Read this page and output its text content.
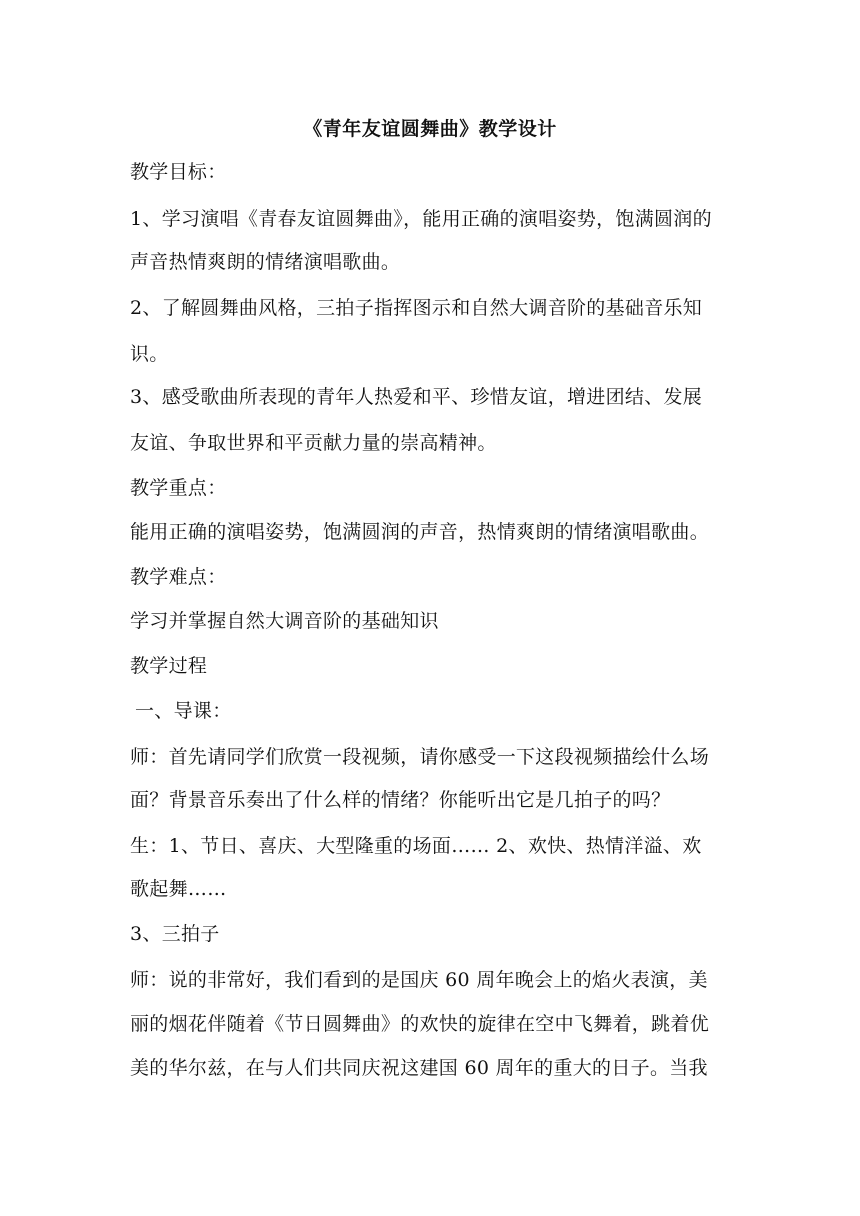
《青年友谊圆舞曲》教学设计
教学目标：
1、学习演唱《青春友谊圆舞曲》，能用正确的演唱姿势，饱满圆润的
声音热情爽朗的情绪演唱歌曲。
2、了解圆舞曲风格，三拍子指挥图示和自然大调音阶的基础音乐知
识。
3、感受歌曲所表现的青年人热爱和平、珍惜友谊，增进团结、发展
友谊、争取世界和平贡献力量的崇高精神。
教学重点：
能用正确的演唱姿势，饱满圆润的声音，热情爽朗的情绪演唱歌曲。
教学难点：
学习并掌握自然大调音阶的基础知识
教学过程
一、导课：
师：首先请同学们欣赏一段视频，请你感受一下这段视频描绘什么场
面？背景音乐奏出了什么样的情绪？你能听出它是几拍子的吗？
生：1、节日、喜庆、大型隆重的场面…… 2、欢快、热情洋溢、欢
歌起舞……
3、三拍子
师：说的非常好，我们看到的是国庆 60 周年晚会上的焰火表演，美
丽的烟花伴随着《节日圆舞曲》的欢快的旋律在空中飞舞着，跳着优
美的华尔兹，在与人们共同庆祝这建国 60 周年的重大的日子。当我
